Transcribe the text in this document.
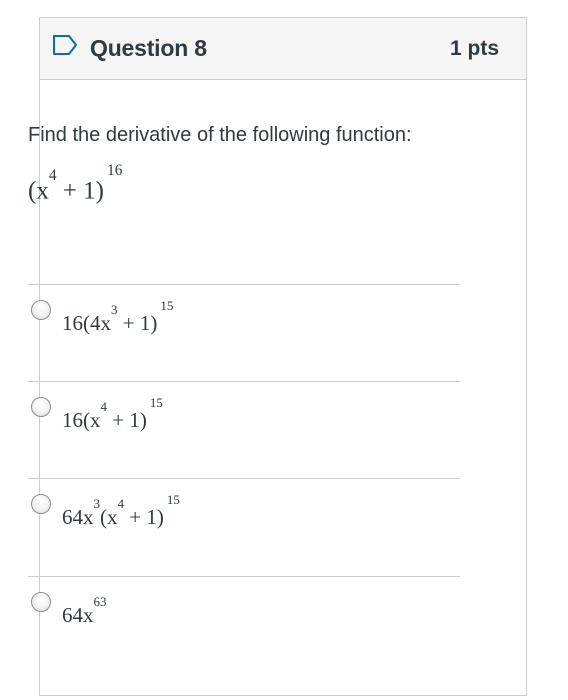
Question 8	1 pts
Find the derivative of the following function:
$(x^4 + 1)^{16}$
$16(4x^3 + 1)^{15}$
$16(x^4 + 1)^{15}$
$64x^3(x^4 + 1)^{15}$
$64x^{63}$
